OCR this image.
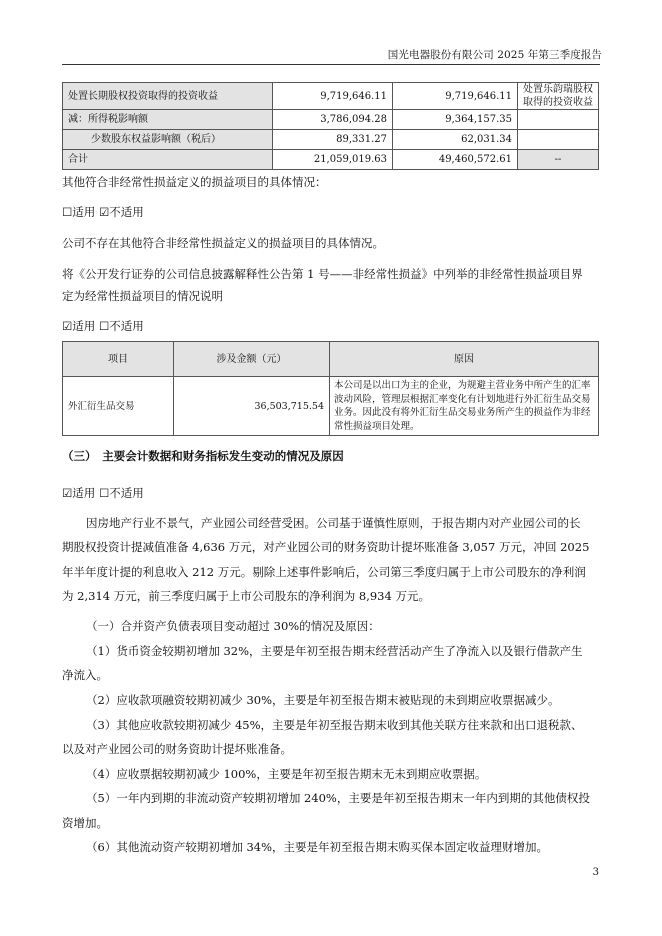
国光电器股份有限公司 2025 年第三季度报告
处置长期股权投资取得的投资收益	9,719,646.11	9,719,646.11	处置乐韵瑞股权取得的投资收益
减：所得税影响额	3,786,094.28	9,364,157.35	
少数股东权益影响额（税后）	89,331.27	62,031.34	
合计	21,059,019.63	49,460,572.61	--
其他符合非经常性损益定义的损益项目的具体情况：
☐适用 ☑不适用
公司不存在其他符合非经常性损益定义的损益项目的具体情况。
将《公开发行证券的公司信息披露解释性公告第 1 号——非经常性损益》中列举的非经常性损益项目界
定为经常性损益项目的情况说明
☑适用 ☐不适用
项目	涉及金额（元）	原因
外汇衍生品交易	36,503,715.54	本公司是以出口为主的企业，为规避主营业务中所产生的汇率波动风险，管理层根据汇率变化有计划地进行外汇衍生品交易业务。因此没有将外汇衍生品交易业务所产生的损益作为非经常性损益项目处理。
（三）　主要会计数据和财务指标发生变动的情况及原因
☑适用 ☐不适用
因房地产行业不景气，产业园公司经营受困。公司基于谨慎性原则，于报告期内对产业园公司的长
期股权投资计提减值准备 4,636 万元，对产业园公司的财务资助计提坏账准备 3,057 万元，冲回 2025
年半年度计提的利息收入 212 万元。剔除上述事件影响后，公司第三季度归属于上市公司股东的净利润
为 2,314 万元，前三季度归属于上市公司股东的净利润为 8,934 万元。
（一）合并资产负债表项目变动超过 30%的情况及原因：
（1）货币资金较期初增加 32%，主要是年初至报告期末经营活动产生了净流入以及银行借款产生
净流入。
（2）应收款项融资较期初减少 30%，主要是年初至报告期末被贴现的未到期应收票据减少。
（3）其他应收款较期初减少 45%，主要是年初至报告期末收到其他关联方往来款和出口退税款、
以及对产业园公司的财务资助计提坏账准备。
（4）应收票据较期初减少 100%，主要是年初至报告期末无未到期应收票据。
（5）一年内到期的非流动资产较期初增加 240%，主要是年初至报告期末一年内到期的其他债权投
资增加。
（6）其他流动资产较期初增加 34%，主要是年初至报告期末购买保本固定收益理财增加。
3
